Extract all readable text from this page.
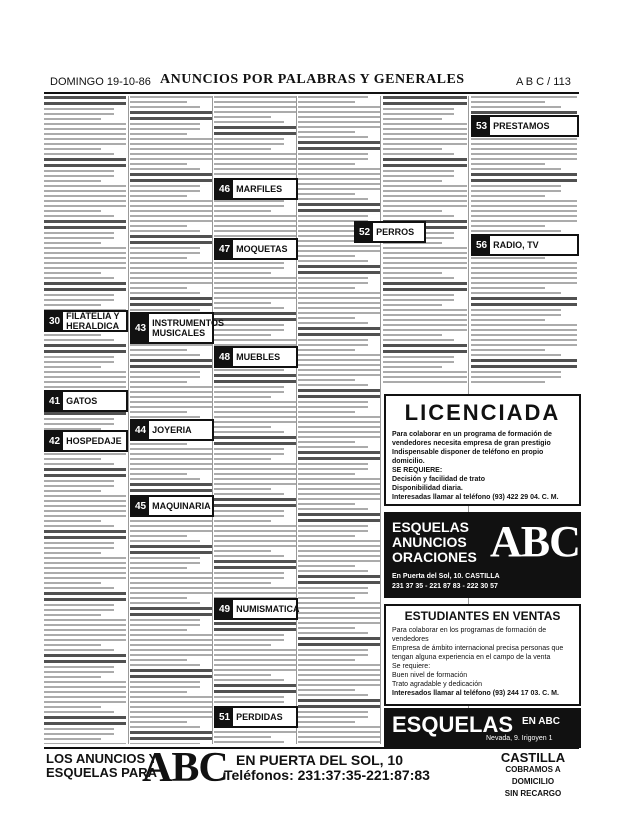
DOMINGO 19-10-86 ANUNCIOS POR PALABRAS Y GENERALES	A B C / 113
30 FILATELIA Y HERALDICA
41 GATOS
42 HOSPEDAJE
43 INSTRUMENTOS MUSICALES
44 JOYERIA
45 MAQUINARIA
46 MARFILES
47 MOQUETAS
48 MUEBLES
49 NUMISMATICA
51 PERDIDAS
52 PERROS
53 PRESTAMOS
56 RADIO, TV
LICENCIADA
Para colaborar en un programa de formación de vendedores necesita empresa de gran prestigio
Indispensable disponer de teléfono en propio domicilio.
SE REQUIERE:
Decisión y facilidad de trato
Disponibilidad diaria.
Interesadas llamar al teléfono (93) 422 29 04. C. M.
ESQUELAS
ANUNCIOS
ORACIONES ABC
En Puerta del Sol, 10. CASTILLA
231 37 35 - 221 87 83 - 222 30 57
ESTUDIANTES EN VENTAS
Para colaborar en los programas de formación de vendedores
Empresa de ámbito internacional precisa personas que tengan alguna experiencia en el campo de la venta
Se requiere:
Buen nivel de formación
Trato agradable y dedicación
Interesados llamar al teléfono (93) 244 17 03. C. M.
ESQUELAS EN ABC
Nevada, 9. Irigoyen 1
LOS ANUNCIOS Y
ESQUELAS PARA
ABC EN PUERTA DEL SOL, 10
Teléfonos: 231:37:35-221:87:83
CASTILLA
COBRAMOS A DOMICILIO
SIN RECARGO
